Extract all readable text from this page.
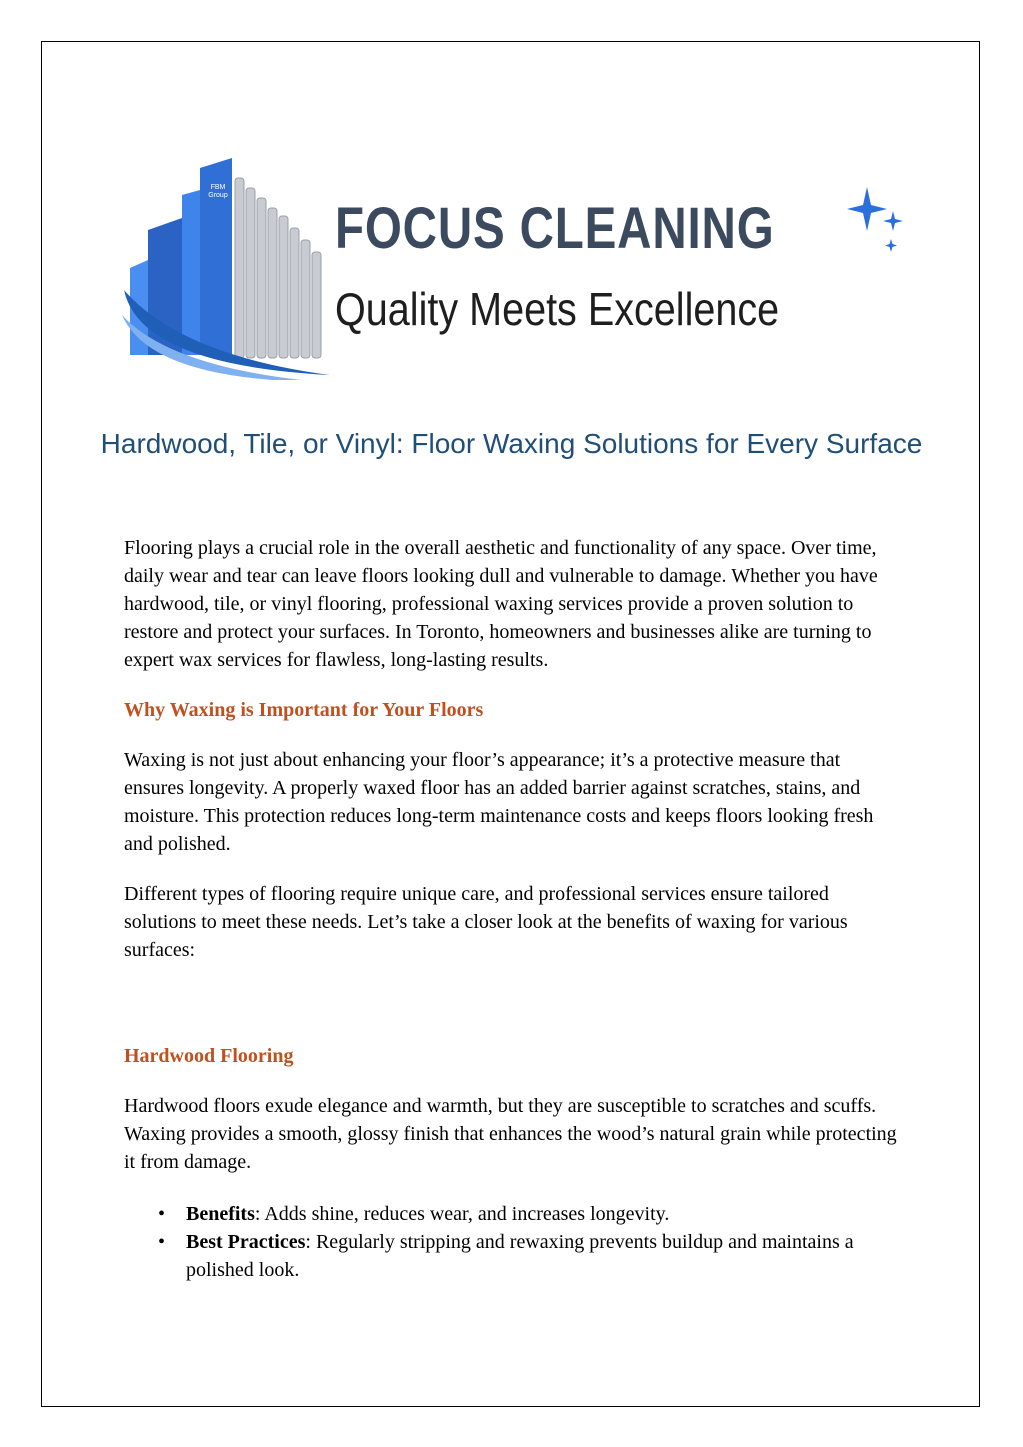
FBM Group
FOCUS CLEANING
Quality Meets Excellence
Hardwood, Tile, or Vinyl: Floor Waxing Solutions for Every Surface

Flooring plays a crucial role in the overall aesthetic and functionality of any space. Over time, daily wear and tear can leave floors looking dull and vulnerable to damage. Whether you have hardwood, tile, or vinyl flooring, professional waxing services provide a proven solution to restore and protect your surfaces. In Toronto, homeowners and businesses alike are turning to expert wax services for flawless, long-lasting results.

Why Waxing is Important for Your Floors

Waxing is not just about enhancing your floor’s appearance; it’s a protective measure that ensures longevity. A properly waxed floor has an added barrier against scratches, stains, and moisture. This protection reduces long-term maintenance costs and keeps floors looking fresh and polished.

Different types of flooring require unique care, and professional services ensure tailored solutions to meet these needs. Let’s take a closer look at the benefits of waxing for various surfaces:

Hardwood Flooring

Hardwood floors exude elegance and warmth, but they are susceptible to scratches and scuffs. Waxing provides a smooth, glossy finish that enhances the wood’s natural grain while protecting it from damage.

• Benefits: Adds shine, reduces wear, and increases longevity.
• Best Practices: Regularly stripping and rewaxing prevents buildup and maintains a polished look.
